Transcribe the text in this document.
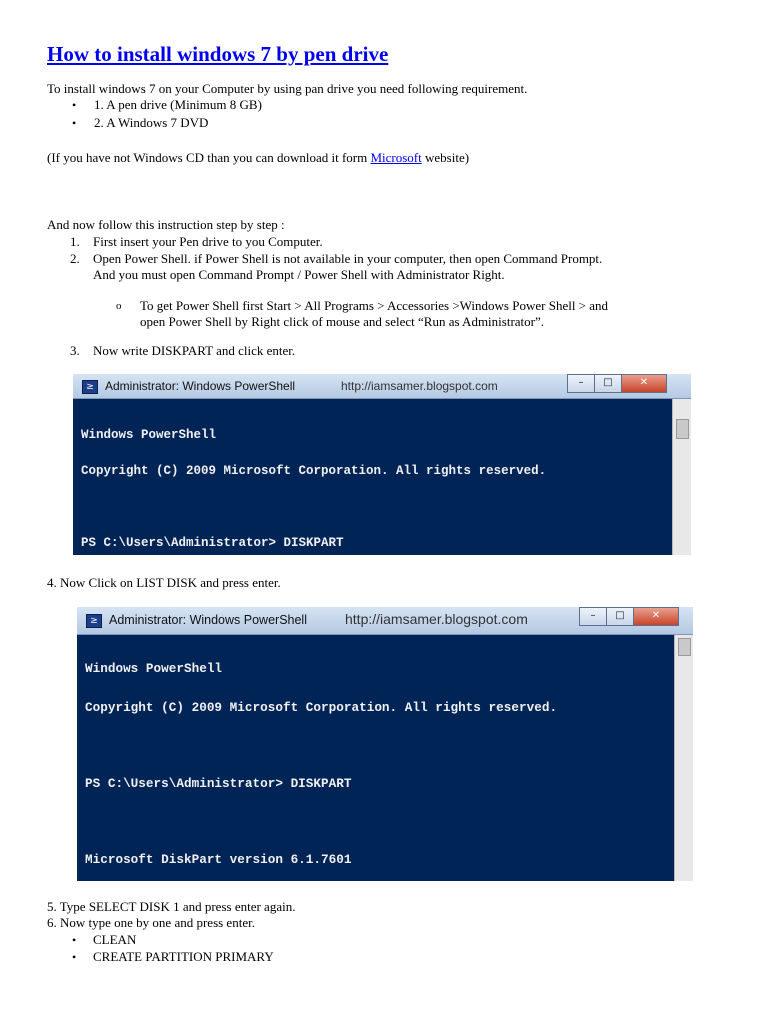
How to install windows 7 by pen drive
To install windows 7 on your Computer by using pan drive you need following requirement.
• 1. A pen drive (Minimum 8 GB)
• 2. A Windows 7 DVD
(If you have not Windows CD than you can download it form Microsoft website)
And now follow this instruction step by step :
1. First insert your Pen drive to you Computer.
2. Open Power Shell. if Power Shell is not available in your computer, then open Command Prompt.
And you must open Command Prompt / Power Shell with Administrator Right.
o To get Power Shell first Start > All Programs > Accessories >Windows Power Shell > and
open Power Shell by Right click of mouse and select “Run as Administrator”.
3. Now write DISKPART and click enter.
≥ Administrator: Windows PowerShell	http://iamsamer.blogspot.com	–	□	✕

Windows PowerShell

Copyright (C) 2009 Microsoft Corporation. All rights reserved.

PS C:\Users\Administrator> DISKPART

4. Now Click on LIST DISK and press enter.
≥ Administrator: Windows PowerShell	http://iamsamer.blogspot.com	–	□	✕

Windows PowerShell

Copyright (C) 2009 Microsoft Corporation. All rights reserved.

PS C:\Users\Administrator> DISKPART

Microsoft DiskPart version 6.1.7601

5. Type SELECT DISK 1 and press enter again.
6. Now type one by one and press enter.
• CLEAN
• CREATE PARTITION PRIMARY
